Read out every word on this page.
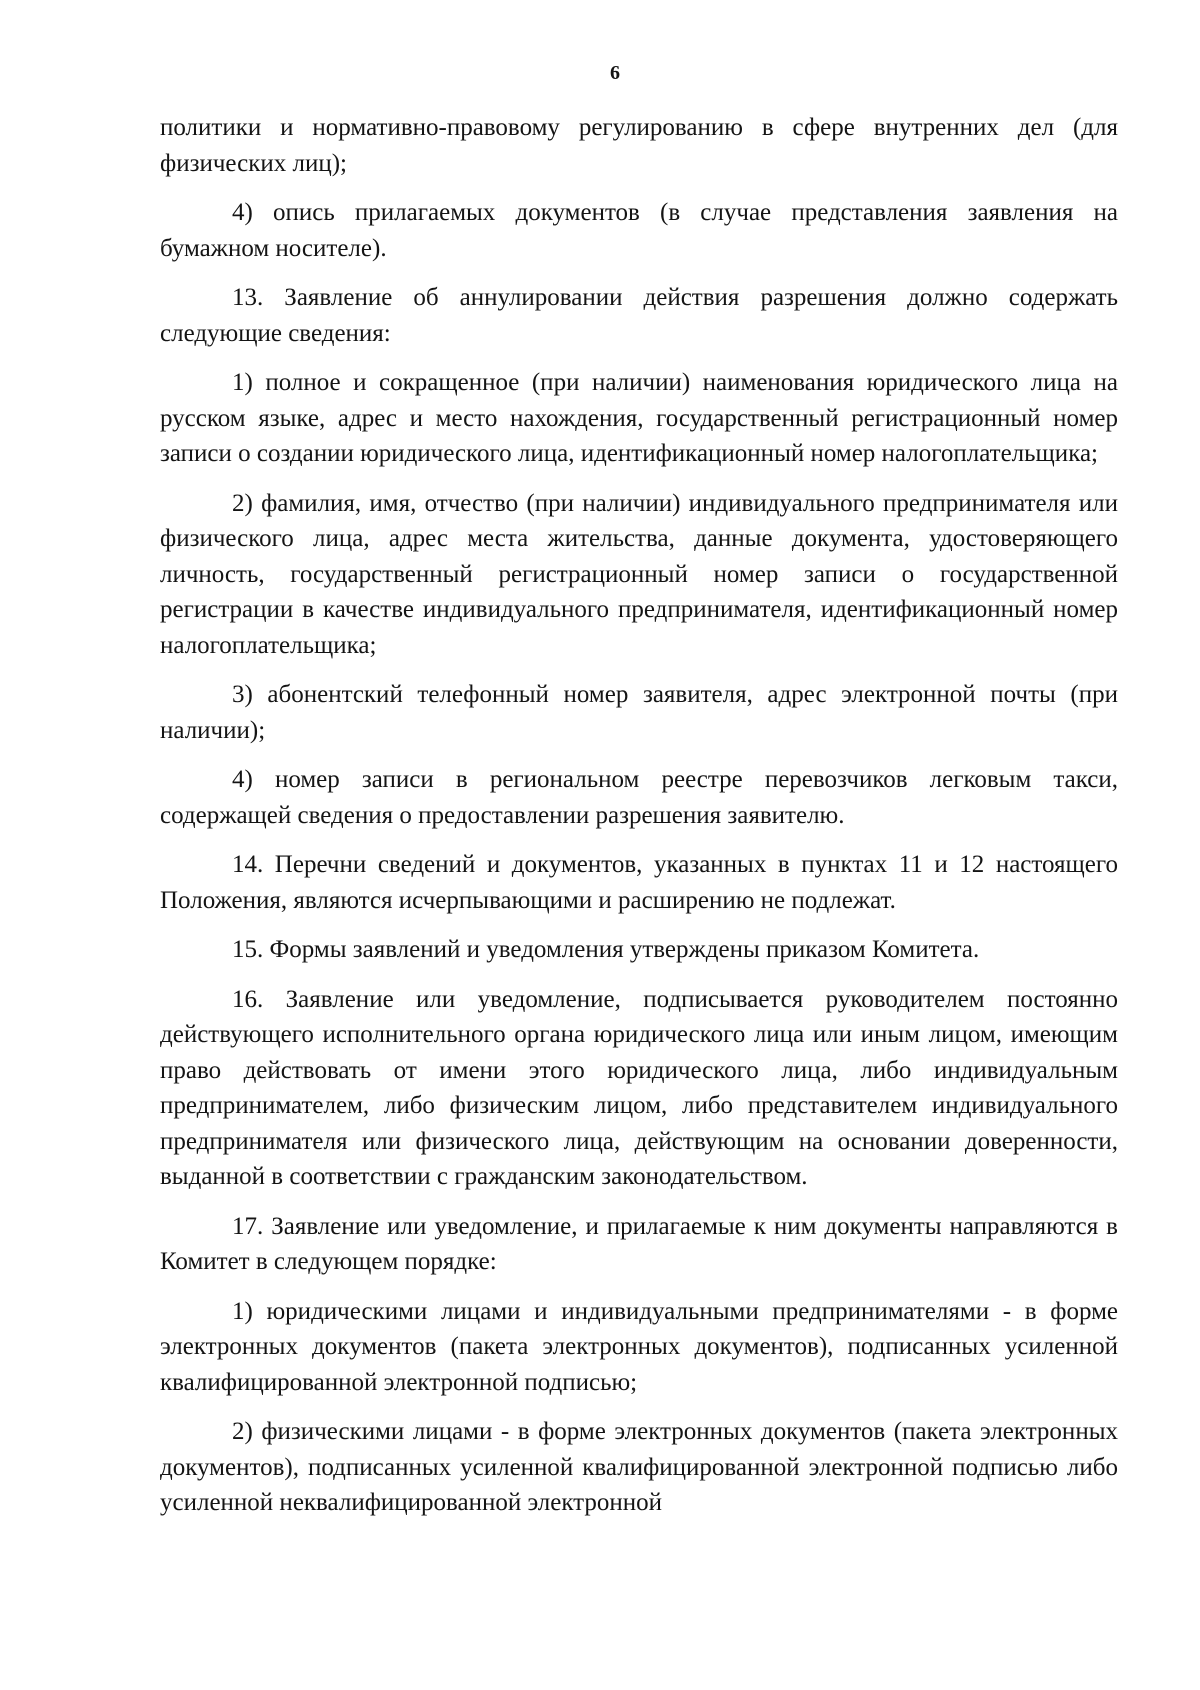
6

политики и нормативно-правовому регулированию в сфере внутренних дел (для физических лиц);

4) опись прилагаемых документов (в случае представления заявления на бумажном носителе).

13. Заявление об аннулировании действия разрешения должно содержать следующие сведения:

1) полное и сокращенное (при наличии) наименования юридического лица на русском языке, адрес и место нахождения, государственный регистрационный номер записи о создании юридического лица, идентификационный номер налогоплательщика;

2) фамилия, имя, отчество (при наличии) индивидуального предпринимателя или физического лица, адрес места жительства, данные документа, удостоверяющего личность, государственный регистрационный номер записи о государственной регистрации в качестве индивидуального предпринимателя, идентификационный номер налогоплательщика;

3) абонентский телефонный номер заявителя, адрес электронной почты (при наличии);

4) номер записи в региональном реестре перевозчиков легковым такси, содержащей сведения о предоставлении разрешения заявителю.

14. Перечни сведений и документов, указанных в пунктах 11 и 12 настоящего Положения, являются исчерпывающими и расширению не подлежат.

15. Формы заявлений и уведомления утверждены приказом Комитета.

16. Заявление или уведомление, подписывается руководителем постоянно действующего исполнительного органа юридического лица или иным лицом, имеющим право действовать от имени этого юридического лица, либо индивидуальным предпринимателем, либо физическим лицом, либо представителем индивидуального предпринимателя или физического лица, действующим на основании доверенности, выданной в соответствии с гражданским законодательством.

17. Заявление или уведомление, и прилагаемые к ним документы направляются в Комитет в следующем порядке:

1) юридическими лицами и индивидуальными предпринимателями - в форме электронных документов (пакета электронных документов), подписанных усиленной квалифицированной электронной подписью;

2) физическими лицами - в форме электронных документов (пакета электронных документов), подписанных усиленной квалифицированной электронной подписью либо усиленной неквалифицированной электронной
